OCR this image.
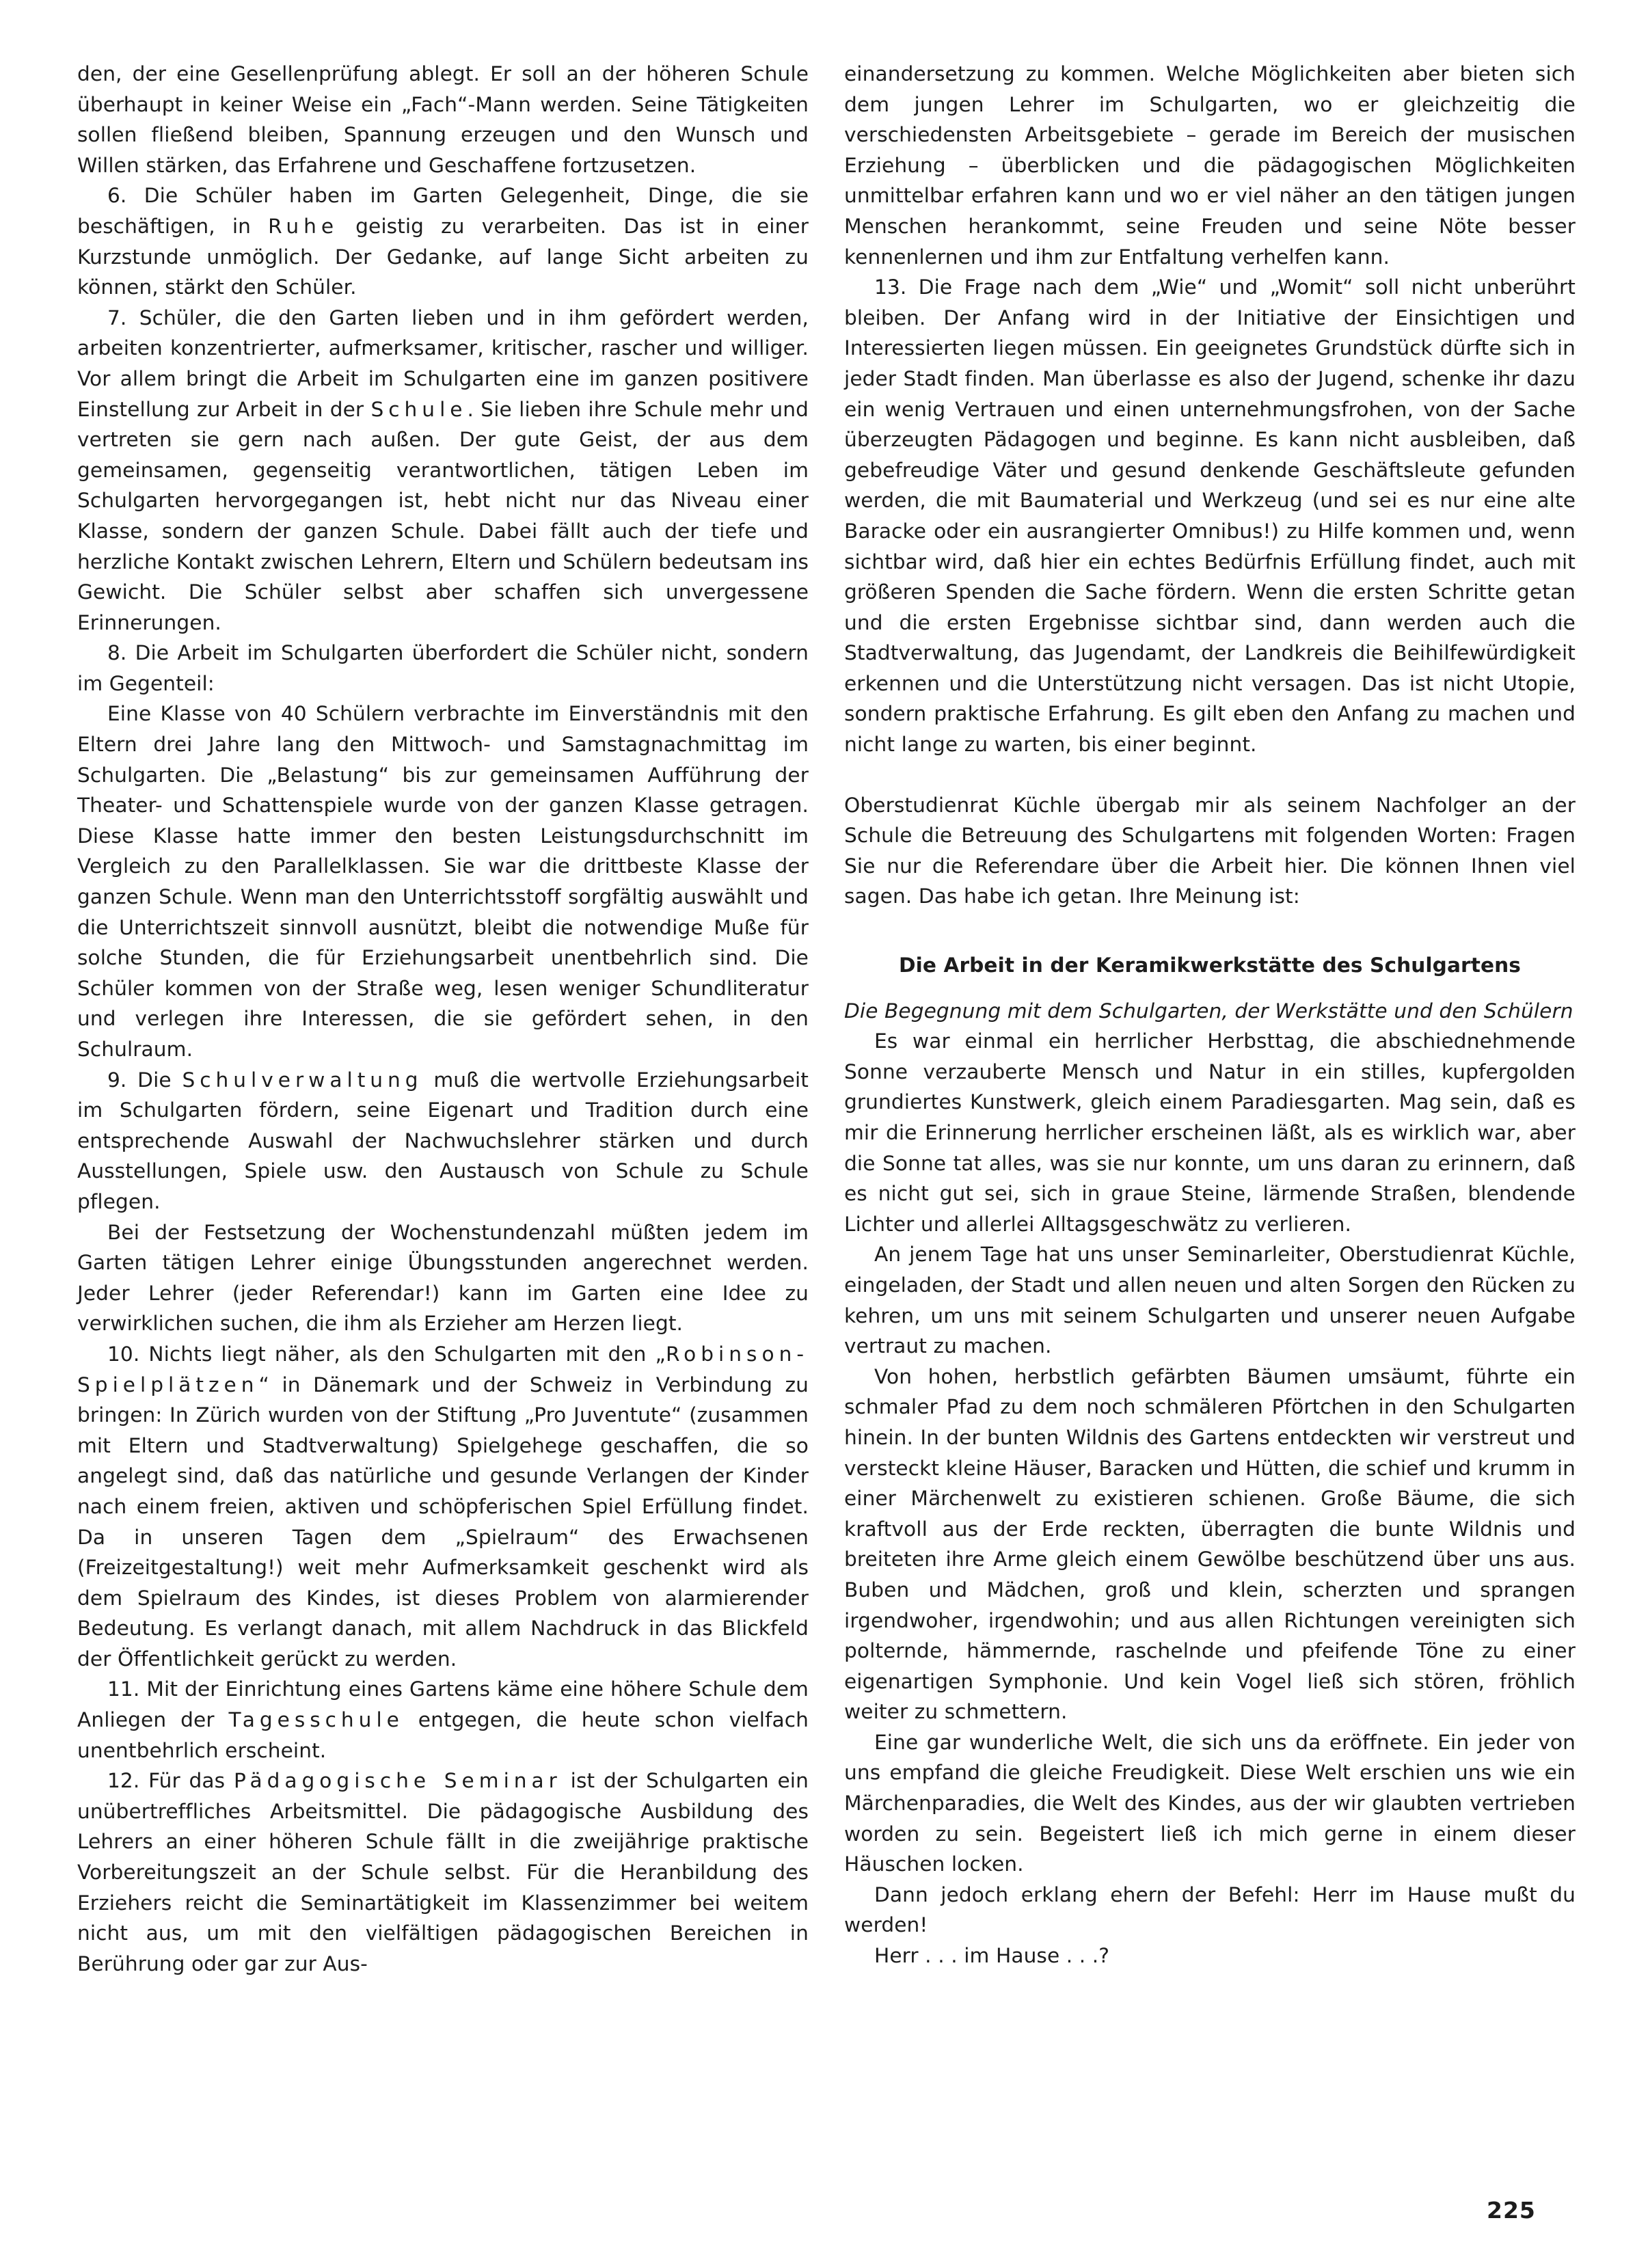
den, der eine Gesellenprüfung ablegt. Er soll an der höheren Schule überhaupt in keiner Weise ein „Fach“-Mann werden. Seine Tätigkeiten sollen fließend bleiben, Spannung erzeugen und den Wunsch und Willen stärken, das Erfahrene und Geschaffene fortzusetzen.

6. Die Schüler haben im Garten Gelegenheit, Dinge, die sie beschäftigen, in Ruhe geistig zu verarbeiten. Das ist in einer Kurzstunde unmöglich. Der Gedanke, auf lange Sicht arbeiten zu können, stärkt den Schüler.

7. Schüler, die den Garten lieben und in ihm gefördert werden, arbeiten konzentrierter, aufmerksamer, kritischer, rascher und williger. Vor allem bringt die Arbeit im Schulgarten eine im ganzen positivere Einstellung zur Arbeit in der Schule. Sie lieben ihre Schule mehr und vertreten sie gern nach außen. Der gute Geist, der aus dem gemeinsamen, gegenseitig verantwortlichen, tätigen Leben im Schulgarten hervorgegangen ist, hebt nicht nur das Niveau einer Klasse, sondern der ganzen Schule. Dabei fällt auch der tiefe und herzliche Kontakt zwischen Lehrern, Eltern und Schülern bedeutsam ins Gewicht. Die Schüler selbst aber schaffen sich unvergessene Erinnerungen.

8. Die Arbeit im Schulgarten überfordert die Schüler nicht, sondern im Gegenteil:

Eine Klasse von 40 Schülern verbrachte im Einverständnis mit den Eltern drei Jahre lang den Mittwoch- und Samstagnachmittag im Schulgarten. Die „Belastung“ bis zur gemeinsamen Aufführung der Theater- und Schattenspiele wurde von der ganzen Klasse getragen. Diese Klasse hatte immer den besten Leistungsdurchschnitt im Vergleich zu den Parallelklassen. Sie war die drittbeste Klasse der ganzen Schule. Wenn man den Unterrichtsstoff sorgfältig auswählt und die Unterrichtszeit sinnvoll ausnützt, bleibt die notwendige Muße für solche Stunden, die für Erziehungsarbeit unentbehrlich sind. Die Schüler kommen von der Straße weg, lesen weniger Schundliteratur und verlegen ihre Interessen, die sie gefördert sehen, in den Schulraum.

9. Die Schulverwaltung muß die wertvolle Erziehungsarbeit im Schulgarten fördern, seine Eigenart und Tradition durch eine entsprechende Auswahl der Nachwuchslehrer stärken und durch Ausstellungen, Spiele usw. den Austausch von Schule zu Schule pflegen.

Bei der Festsetzung der Wochenstundenzahl müßten jedem im Garten tätigen Lehrer einige Übungsstunden angerechnet werden. Jeder Lehrer (jeder Referendar!) kann im Garten eine Idee zu verwirklichen suchen, die ihm als Erzieher am Herzen liegt.

10. Nichts liegt näher, als den Schulgarten mit den „Robinson-Spielplätzen“ in Dänemark und der Schweiz in Verbindung zu bringen: In Zürich wurden von der Stiftung „Pro Juventute“ (zusammen mit Eltern und Stadtverwaltung) Spielgehege geschaffen, die so angelegt sind, daß das natürliche und gesunde Verlangen der Kinder nach einem freien, aktiven und schöpferischen Spiel Erfüllung findet. Da in unseren Tagen dem „Spielraum“ des Erwachsenen (Freizeitgestaltung!) weit mehr Aufmerksamkeit geschenkt wird als dem Spielraum des Kindes, ist dieses Problem von alarmierender Bedeutung. Es verlangt danach, mit allem Nachdruck in das Blickfeld der Öffentlichkeit gerückt zu werden.

11. Mit der Einrichtung eines Gartens käme eine höhere Schule dem Anliegen der Tagesschule entgegen, die heute schon vielfach unentbehrlich erscheint.

12. Für das Pädagogische Seminar ist der Schulgarten ein unübertreffliches Arbeitsmittel. Die pädagogische Ausbildung des Lehrers an einer höheren Schule fällt in die zweijährige praktische Vorbereitungszeit an der Schule selbst. Für die Heranbildung des Erziehers reicht die Seminartätigkeit im Klassenzimmer bei weitem nicht aus, um mit den vielfältigen pädagogischen Bereichen in Berührung oder gar zur Aus-

einandersetzung zu kommen. Welche Möglichkeiten aber bieten sich dem jungen Lehrer im Schulgarten, wo er gleichzeitig die verschiedensten Arbeitsgebiete – gerade im Bereich der musischen Erziehung – überblicken und die pädagogischen Möglichkeiten unmittelbar erfahren kann und wo er viel näher an den tätigen jungen Menschen herankommt, seine Freuden und seine Nöte besser kennenlernen und ihm zur Entfaltung verhelfen kann.

13. Die Frage nach dem „Wie“ und „Womit“ soll nicht unberührt bleiben. Der Anfang wird in der Initiative der Einsichtigen und Interessierten liegen müssen. Ein geeignetes Grundstück dürfte sich in jeder Stadt finden. Man überlasse es also der Jugend, schenke ihr dazu ein wenig Vertrauen und einen unternehmungsfrohen, von der Sache überzeugten Pädagogen und beginne. Es kann nicht ausbleiben, daß gebefreudige Väter und gesund denkende Geschäftsleute gefunden werden, die mit Baumaterial und Werkzeug (und sei es nur eine alte Baracke oder ein ausrangierter Omnibus!) zu Hilfe kommen und, wenn sichtbar wird, daß hier ein echtes Bedürfnis Erfüllung findet, auch mit größeren Spenden die Sache fördern. Wenn die ersten Schritte getan und die ersten Ergebnisse sichtbar sind, dann werden auch die Stadtverwaltung, das Jugendamt, der Landkreis die Beihilfewürdigkeit erkennen und die Unterstützung nicht versagen. Das ist nicht Utopie, sondern praktische Erfahrung. Es gilt eben den Anfang zu machen und nicht lange zu warten, bis einer beginnt.

Oberstudienrat Küchle übergab mir als seinem Nachfolger an der Schule die Betreuung des Schulgartens mit folgenden Worten: Fragen Sie nur die Referendare über die Arbeit hier. Die können Ihnen viel sagen. Das habe ich getan. Ihre Meinung ist:

Die Arbeit in der Keramikwerkstätte des Schulgartens

Die Begegnung mit dem Schulgarten, der Werkstätte und den Schülern

Es war einmal ein herrlicher Herbsttag, die abschiednehmende Sonne verzauberte Mensch und Natur in ein stilles, kupfergolden grundiertes Kunstwerk, gleich einem Paradiesgarten. Mag sein, daß es mir die Erinnerung herrlicher erscheinen läßt, als es wirklich war, aber die Sonne tat alles, was sie nur konnte, um uns daran zu erinnern, daß es nicht gut sei, sich in graue Steine, lärmende Straßen, blendende Lichter und allerlei Alltagsgeschwätz zu verlieren.

An jenem Tage hat uns unser Seminarleiter, Oberstudienrat Küchle, eingeladen, der Stadt und allen neuen und alten Sorgen den Rücken zu kehren, um uns mit seinem Schulgarten und unserer neuen Aufgabe vertraut zu machen.

Von hohen, herbstlich gefärbten Bäumen umsäumt, führte ein schmaler Pfad zu dem noch schmäleren Pförtchen in den Schulgarten hinein. In der bunten Wildnis des Gartens entdeckten wir verstreut und versteckt kleine Häuser, Baracken und Hütten, die schief und krumm in einer Märchenwelt zu existieren schienen. Große Bäume, die sich kraftvoll aus der Erde reckten, überragten die bunte Wildnis und breiteten ihre Arme gleich einem Gewölbe beschützend über uns aus. Buben und Mädchen, groß und klein, scherzten und sprangen irgendwoher, irgendwohin; und aus allen Richtungen vereinigten sich polternde, hämmernde, raschelnde und pfeifende Töne zu einer eigenartigen Symphonie. Und kein Vogel ließ sich stören, fröhlich weiter zu schmettern.

Eine gar wunderliche Welt, die sich uns da eröffnete. Ein jeder von uns empfand die gleiche Freudigkeit. Diese Welt erschien uns wie ein Märchenparadies, die Welt des Kindes, aus der wir glaubten vertrieben worden zu sein. Begeistert ließ ich mich gerne in einem dieser Häuschen locken.

Dann jedoch erklang ehern der Befehl: Herr im Hause mußt du werden!

Herr . . . im Hause . . .?

225
